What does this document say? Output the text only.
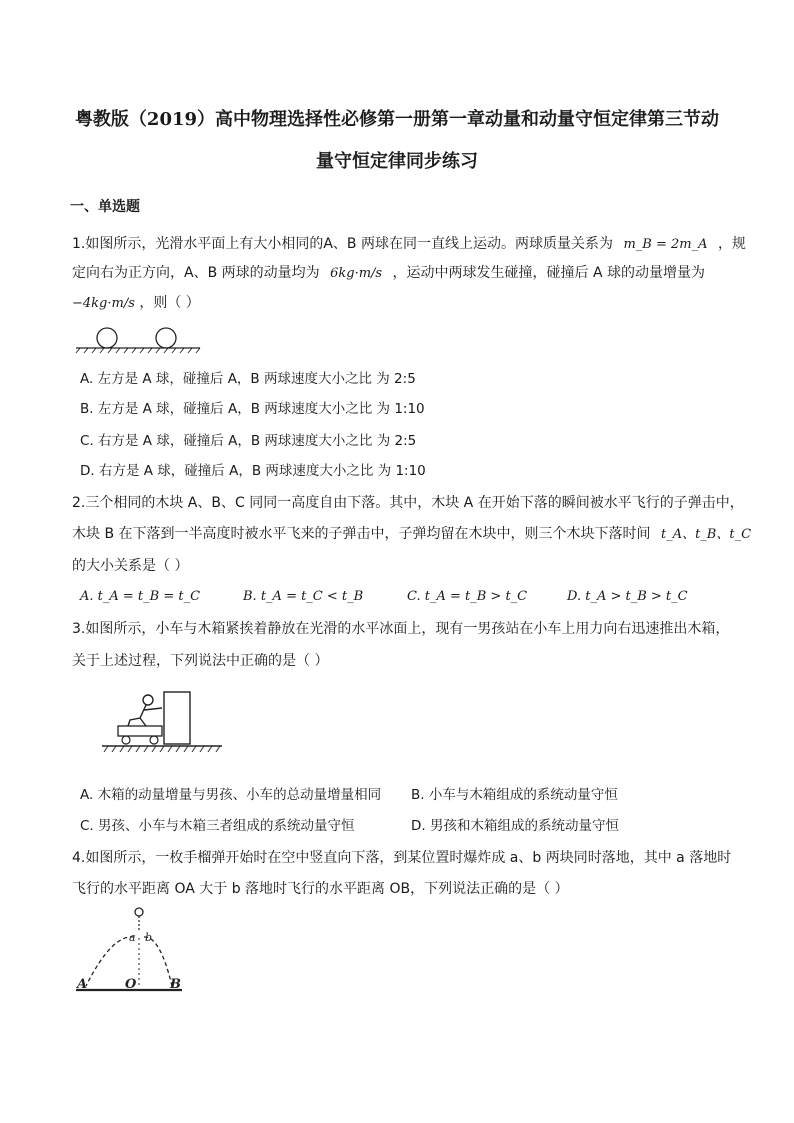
粤教版（2019）高中物理选择性必修第一册第一章动量和动量守恒定律第三节动
量守恒定律同步练习
一、单选题
1.如图所示，光滑水平面上有大小相同的A、B 两球在同一直线上运动。两球质量关系为 m_B = 2m_A ，规
定向右为正方向，A、B 两球的动量均为 6kg·m/s ，运动中两球发生碰撞，碰撞后 A 球的动量增量为
−4kg·m/s ，则（ ）
A. 左方是 A 球，碰撞后 A，B 两球速度大小之比 为 2:5
B. 左方是 A 球，碰撞后 A，B 两球速度大小之比 为 1:10
C. 右方是 A 球，碰撞后 A，B 两球速度大小之比 为 2:5
D. 右方是 A 球，碰撞后 A，B 两球速度大小之比 为 1:10
2.三个相同的木块 A、B、C 同同一高度自由下落。其中，木块 A 在开始下落的瞬间被水平飞行的子弹击中，
木块 B 在下落到一半高度时被水平飞来的子弹击中，子弹均留在木块中，则三个木块下落时间 t_A、t_B、t_C
的大小关系是（ ）
A. t_A = t_B = t_C	B. t_A = t_C < t_B	C. t_A = t_B > t_C	D. t_A > t_B > t_C
3.如图所示，小车与木箱紧挨着静放在光滑的水平冰面上，现有一男孩站在小车上用力向右迅速推出木箱，
关于上述过程，下列说法中正确的是（ ）
A. 木箱的动量增量与男孩、小车的总动量增量相同 B. 小车与木箱组成的系统动量守恒
C. 男孩、小车与木箱三者组成的系统动量守恒	D. 男孩和木箱组成的系统动量守恒
4.如图所示，一枚手榴弹开始时在空中竖直向下落，到某位置时爆炸成 a、b 两块同时落地，其中 a 落地时
飞行的水平距离 OA 大于 b 落地时飞行的水平距离 OB，下列说法正确的是（ ）
a b
A	O	B
